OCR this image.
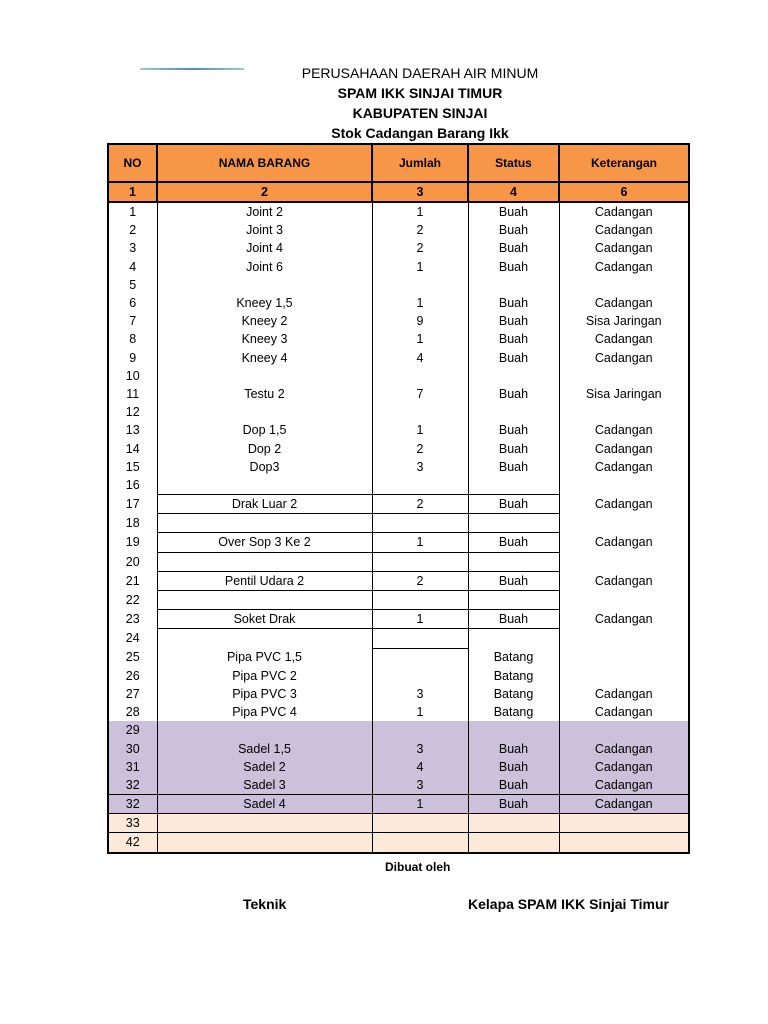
PERUSAHAAN DAERAH AIR MINUM
SPAM IKK SINJAI TIMUR
KABUPATEN SINJAI
Stok Cadangan Barang Ikk
NO	NAMA BARANG	Jumlah	Status	Keterangan
1	2	3	4	6
1	Joint 2	1	Buah	Cadangan
2	Joint 3	2	Buah	Cadangan
3	Joint 4	2	Buah	Cadangan
4	Joint 6	1	Buah	Cadangan
5				
6	Kneey 1,5	1	Buah	Cadangan
7	Kneey 2	9	Buah	Sisa Jaringan
8	Kneey 3	1	Buah	Cadangan
9	Kneey 4	4	Buah	Cadangan
10				
11	Testu 2	7	Buah	Sisa Jaringan
12				
13	Dop 1,5	1	Buah	Cadangan
14	Dop 2	2	Buah	Cadangan
15	Dop3	3	Buah	Cadangan
16				
17	Drak Luar 2	2	Buah	Cadangan
18				
19	Over Sop 3 Ke 2	1	Buah	Cadangan
20				
21	Pentil Udara 2	2	Buah	Cadangan
22				
23	Soket Drak	1	Buah	Cadangan
24				
25	Pipa PVC 1,5		Batang	
26	Pipa PVC 2		Batang	
27	Pipa PVC 3	3	Batang	Cadangan
28	Pipa PVC 4	1	Batang	Cadangan
29				
30	Sadel 1,5	3	Buah	Cadangan
31	Sadel 2	4	Buah	Cadangan
32	Sadel 3	3	Buah	Cadangan
32	Sadel 4	1	Buah	Cadangan
33				
42				
Dibuat oleh
Teknik	Kelapa SPAM IKK Sinjai Timur
